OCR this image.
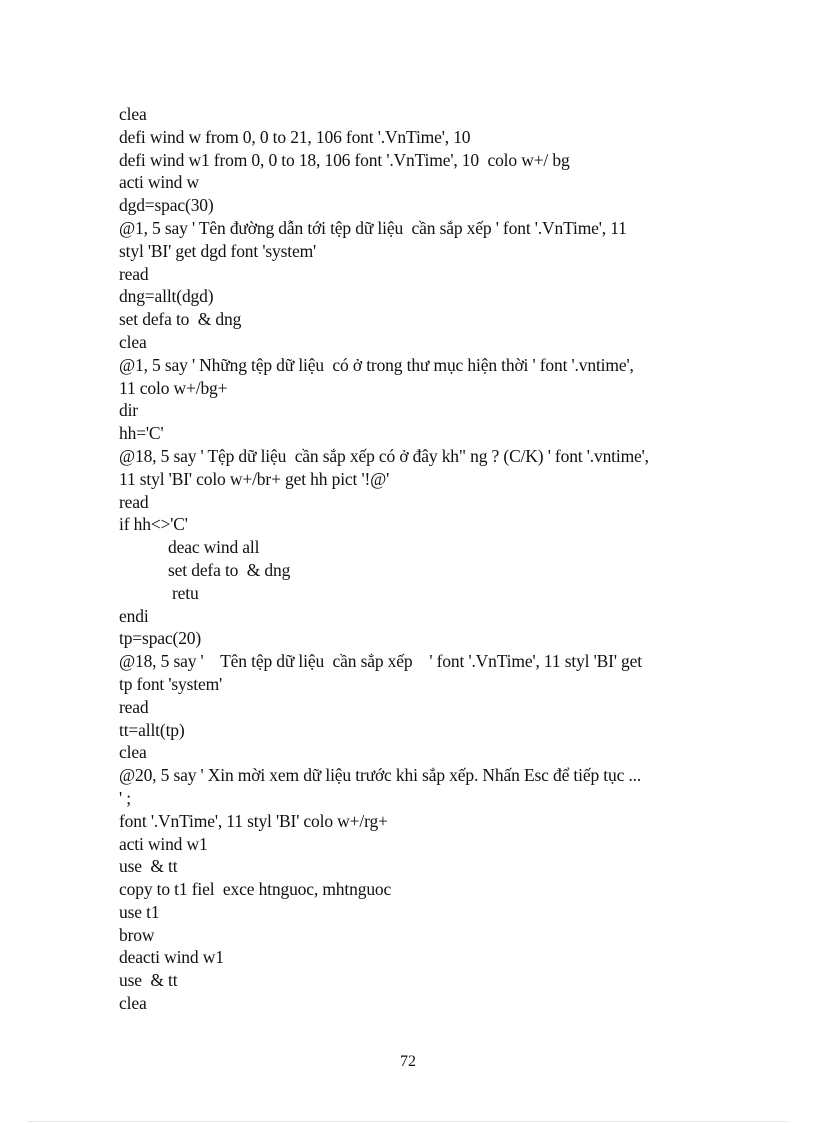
clea
defi wind w from 0, 0 to 21, 106 font '.VnTime', 10
defi wind w1 from 0, 0 to 18, 106 font '.VnTime', 10  colo w+/ bg
acti wind w
dgd=spac(30)
@1, 5 say ' Tên đường dẫn tới tệp dữ liệu  cần sắp xếp ' font '.VnTime', 11
styl 'BI' get dgd font 'system'
read
dng=allt(dgd)
set defa to  & dng
clea
@1, 5 say ' Những tệp dữ liệu  có ở trong thư mục hiện thời ' font '.vntime',
11 colo w+/bg+
dir
hh='C'
@18, 5 say ' Tệp dữ liệu  cần sắp xếp có ở đây kh" ng ? (C/K) ' font '.vntime',
11 styl 'BI' colo w+/br+ get hh pict '!@'
read
if hh<>'C'
deac wind all
set defa to  & dng
retu
endi
tp=spac(20)
@18, 5 say '    Tên tệp dữ liệu  cần sắp xếp    ' font '.VnTime', 11 styl 'BI' get
tp font 'system'
read
tt=allt(tp)
clea
@20, 5 say ' Xin mời xem dữ liệu trước khi sắp xếp. Nhấn Esc để tiếp tục ...
' ;
font '.VnTime', 11 styl 'BI' colo w+/rg+
acti wind w1
use  & tt
copy to t1 fiel  exce htnguoc, mhtnguoc
use t1
brow
deacti wind w1
use  & tt
clea
72
